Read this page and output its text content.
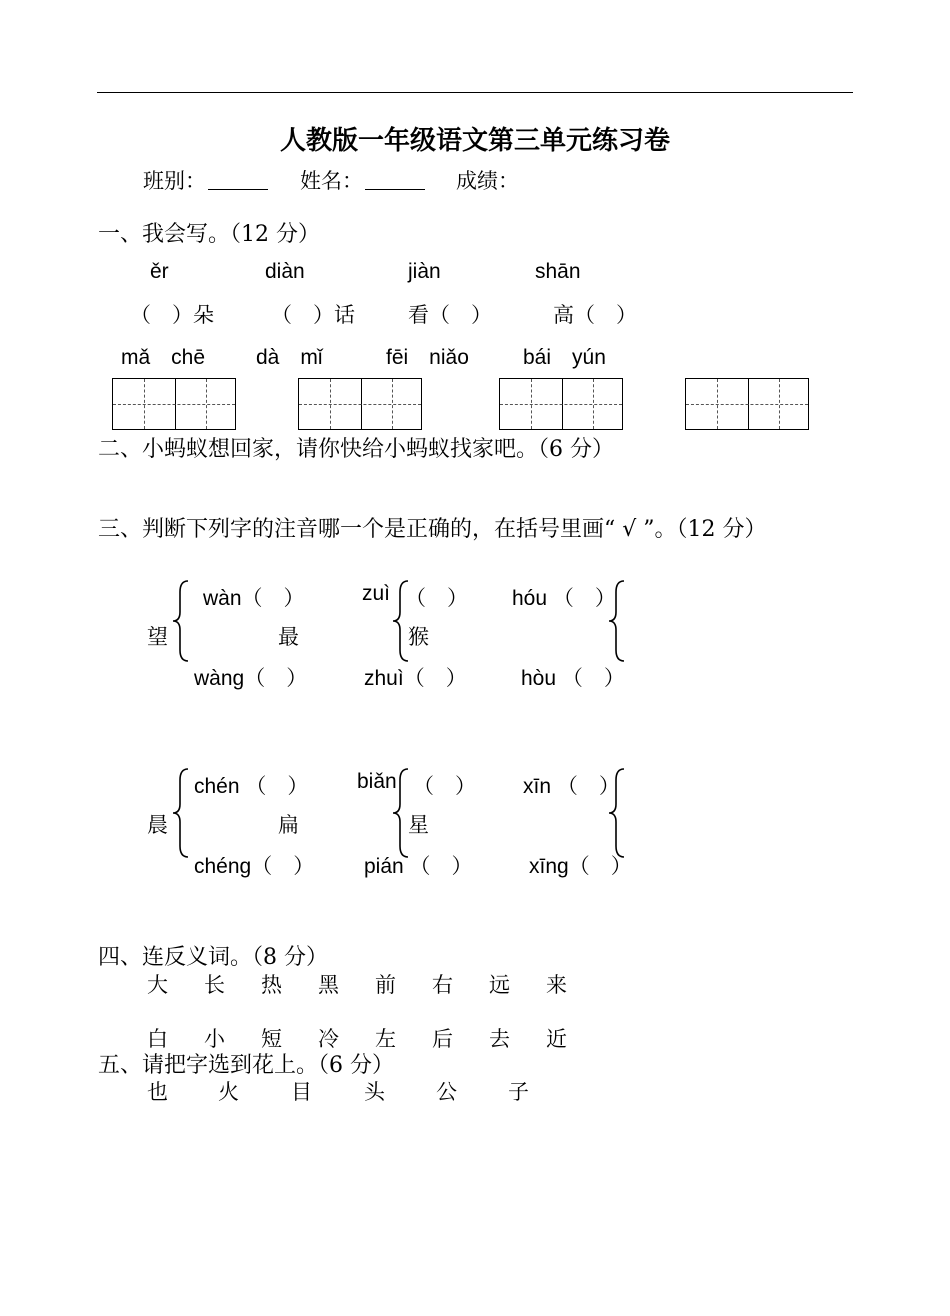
人教版一年级语文第三单元练习卷
班别：	姓名：	成绩：
一、我会写。（12 分）
ěr	diàn	jiàn	shān
（　）朵	（　）话	看（　）	高（　）
mǎ　chē dà　mǐ	fēi　niǎo	bái　yún
二、小蚂蚁想回家，请你快给小蚂蚁找家吧。（6 分）
三、判断下列字的注音哪一个是正确的，在括号里画“ √ ”。（12 分）
wàn（　）	zuì （　） hóu （　）
望	最	猴
wàng（　）	zhuì（　）	hòu （　）
chén （　） biǎn （　） xīn （　）
晨	扁	星
chéng（　） pián （　）	xīng（　）
四、连反义词。（8 分）
大 长 热 黑 前 右 远 来
白 小 短 冷 左 后 去 近
五、请把字选到花上。（6 分）
也 火 目 头 公 子
